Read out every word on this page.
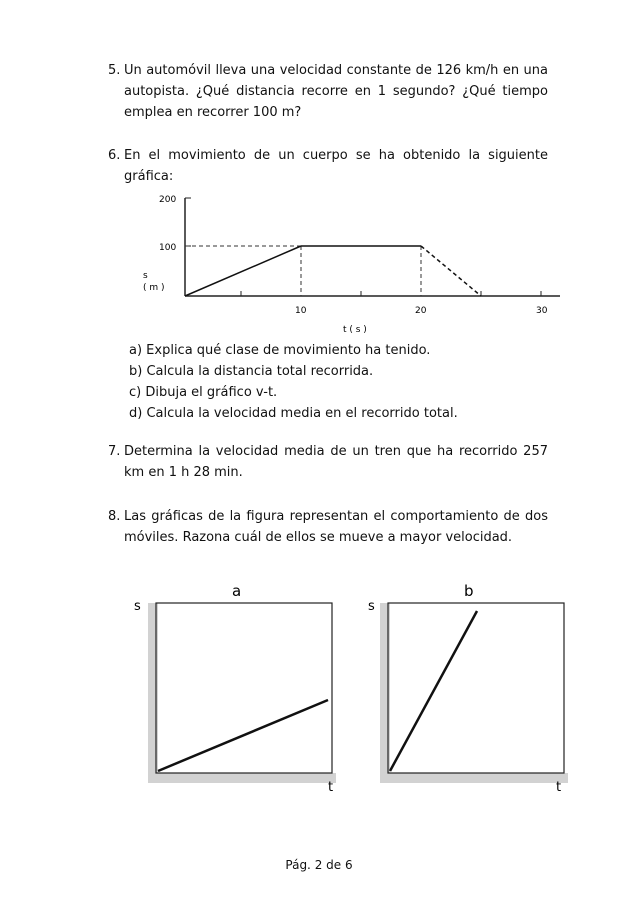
5. Un automóvil lleva una velocidad constante de 126 km/h en una autopista. ¿Qué distancia recorre en 1 segundo? ¿Qué tiempo emplea en recorrer 100 m?
6. En el movimiento de un cuerpo se ha obtenido la siguiente gráfica:
200
100
s ( m )
10	20	30
t ( s )
a) Explica qué clase de movimiento ha tenido.
b) Calcula la distancia total recorrida.
c) Dibuja el gráfico v-t.
d) Calcula la velocidad media en el recorrido total.
7. Determina la velocidad media de un tren que ha recorrido 257 km en 1 h 28 min.
8. Las gráficas de la figura representan el comportamiento de dos móviles. Razona cuál de ellos se mueve a mayor velocidad.
a
s
t
b
s
t
Pág. 2 de 6
